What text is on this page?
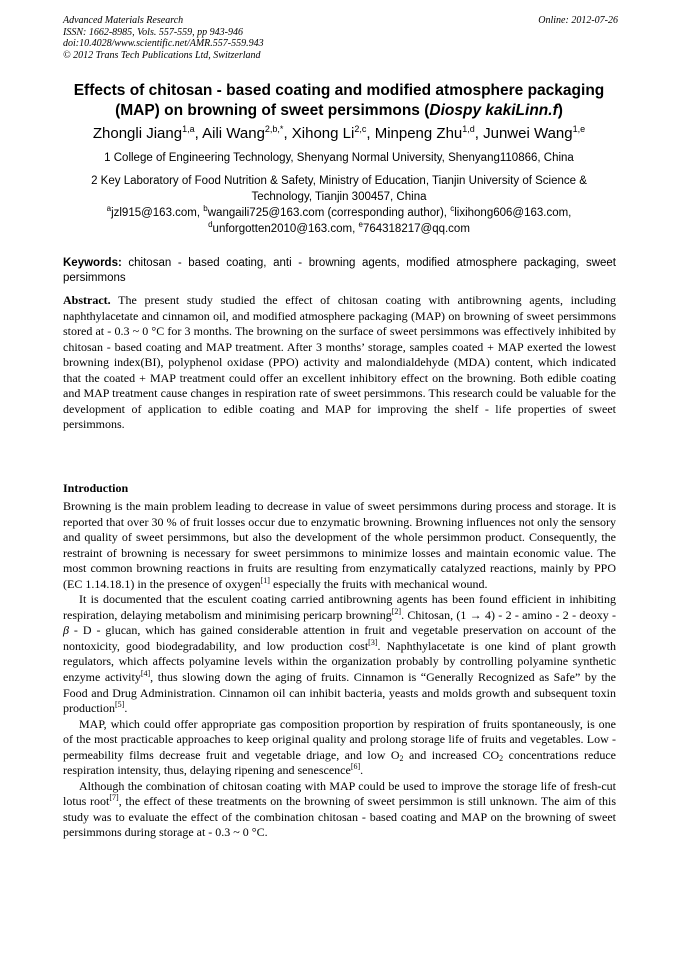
Advanced Materials Research
ISSN: 1662-8985, Vols. 557-559, pp 943-946
doi:10.4028/www.scientific.net/AMR.557-559.943
© 2012 Trans Tech Publications Ltd, Switzerland
Online: 2012-07-26
Effects of chitosan - based coating and modified atmosphere packaging
(MAP) on browning of sweet persimmons (Diospy kakiLinn.f)
Zhongli Jiang$^{1,a}$, Aili Wang$^{2,b,*}$, Xihong Li$^{2,c}$, Minpeng Zhu$^{1,d}$, Junwei Wang$^{1,e}$
1 College of Engineering Technology, Shenyang Normal University, Shenyang110866, China
2 Key Laboratory of Food Nutrition & Safety, Ministry of Education, Tianjin University of Science &
Technology, Tianjin 300457, China
$^a$jzl915@163.com, $^b$wangaili725@163.com (corresponding author), $^c$lixihong606@163.com,
$^d$unforgotten2010@163.com, $^e$764318217@qq.com
Keywords: chitosan - based coating, anti - browning agents, modified atmosphere packaging, sweet persimmons

Abstract. The present study studied the effect of chitosan coating with antibrowning agents, including naphthylacetate and cinnamon oil, and modified atmosphere packaging (MAP) on browning of sweet persimmons stored at - 0.3 ~ 0 °C for 3 months. The browning on the surface of sweet persimmons was effectively inhibited by chitosan - based coating and MAP treatment. After 3 months’ storage, samples coated + MAP exerted the lowest browning index(BI), polyphenol oxidase (PPO) activity and malondialdehyde (MDA) content, which indicated that the coated + MAP treatment could offer an excellent inhibitory effect on the browning. Both edible coating and MAP treatment cause changes in respiration rate of sweet persimmons. This research could be valuable for the development of application to edible coating and MAP for improving the shelf - life properties of sweet persimmons.

Introduction

Browning is the main problem leading to decrease in value of sweet persimmons during process and storage. It is reported that over 30 % of fruit losses occur due to enzymatic browning. Browning influences not only the sensory and quality of sweet persimmons, but also the development of the whole persimmon product. Consequently, the restraint of browning is necessary for sweet persimmons to minimize losses and maintain economic value. The most common browning reactions in fruits are resulting from enzymatically catalyzed reactions, mainly by PPO (EC 1.14.18.1) in the presence of oxygen[1] especially the fruits with mechanical wound.

It is documented that the esculent coating carried antibrowning agents has been found efficient in inhibiting respiration, delaying metabolism and minimising pericarp browning[2]. Chitosan, (1 → 4) - 2 - amino - 2 - deoxy - β - D - glucan, which has gained considerable attention in fruit and vegetable preservation on account of the nontoxicity, good biodegradability, and low production cost[3]. Naphthylacetate is one kind of plant growth regulators, which affects polyamine levels within the organization probably by controlling polyamine synthetic enzyme activity[4], thus slowing down the aging of fruits. Cinnamon is “Generally Recognized as Safe” by the Food and Drug Administration. Cinnamon oil can inhibit bacteria, yeasts and molds growth and subsequent toxin production[5].

MAP, which could offer appropriate gas composition proportion by respiration of fruits spontaneously, is one of the most practicable approaches to keep original quality and prolong storage life of fruits and vegetables. Low - permeability films decrease fruit and vegetable driage, and low $O_2$ and increased $CO_2$ concentrations reduce respiration intensity, thus, delaying ripening and senescence[6].

Although the combination of chitosan coating with MAP could be used to improve the storage life of fresh-cut lotus root[7], the effect of these treatments on the browning of sweet persimmon is still unknown. The aim of this study was to evaluate the effect of the combination chitosan - based coating and MAP on the browning of sweet persimmons during storage at - 0.3 ~ 0 °C.
